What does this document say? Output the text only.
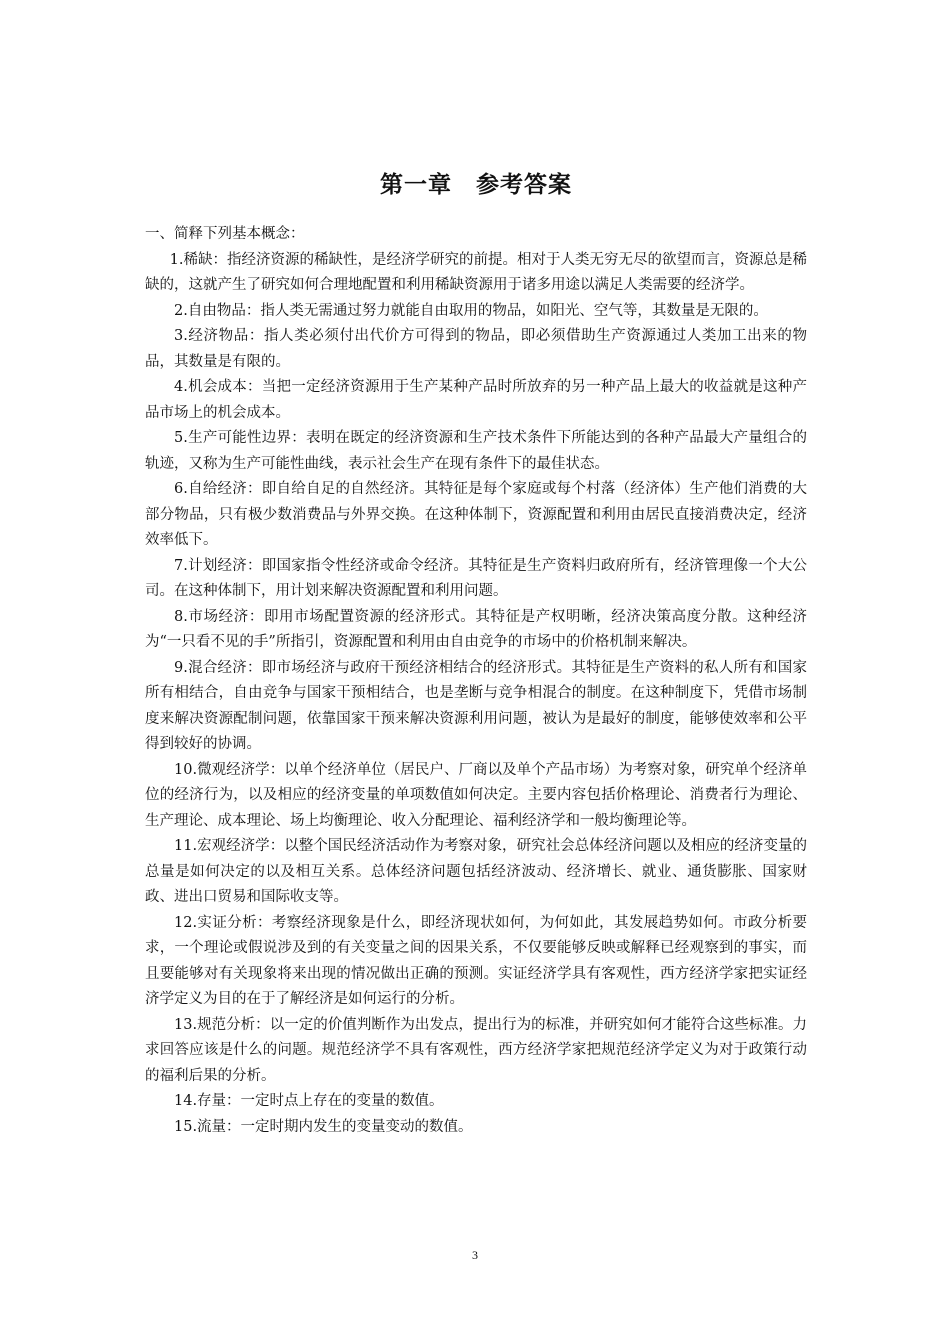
第一章 参考答案

一、简释下列基本概念：

1.稀缺：指经济资源的稀缺性，是经济学研究的前提。相对于人类无穷无尽的欲望而言，资源总是稀缺的，这就产生了研究如何合理地配置和利用稀缺资源用于诸多用途以满足人类需要的经济学。

2.自由物品：指人类无需通过努力就能自由取用的物品，如阳光、空气等，其数量是无限的。

3.经济物品：指人类必须付出代价方可得到的物品，即必须借助生产资源通过人类加工出来的物品，其数量是有限的。

4.机会成本：当把一定经济资源用于生产某种产品时所放弃的另一种产品上最大的收益就是这种产品市场上的机会成本。

5.生产可能性边界：表明在既定的经济资源和生产技术条件下所能达到的各种产品最大产量组合的轨迹，又称为生产可能性曲线，表示社会生产在现有条件下的最佳状态。

6.自给经济：即自给自足的自然经济。其特征是每个家庭或每个村落（经济体）生产他们消费的大部分物品，只有极少数消费品与外界交换。在这种体制下，资源配置和利用由居民直接消费决定，经济效率低下。

7.计划经济：即国家指令性经济或命令经济。其特征是生产资料归政府所有，经济管理像一个大公司。在这种体制下，用计划来解决资源配置和利用问题。

8.市场经济：即用市场配置资源的经济形式。其特征是产权明晰，经济决策高度分散。这种经济为“一只看不见的手”所指引，资源配置和利用由自由竞争的市场中的价格机制来解决。

9.混合经济：即市场经济与政府干预经济相结合的经济形式。其特征是生产资料的私人所有和国家所有相结合，自由竞争与国家干预相结合，也是垄断与竞争相混合的制度。在这种制度下，凭借市场制度来解决资源配制问题，依靠国家干预来解决资源利用问题，被认为是最好的制度，能够使效率和公平得到较好的协调。

10.微观经济学：以单个经济单位（居民户、厂商以及单个产品市场）为考察对象，研究单个经济单位的经济行为，以及相应的经济变量的单项数值如何决定。主要内容包括价格理论、消费者行为理论、生产理论、成本理论、场上均衡理论、收入分配理论、福利经济学和一般均衡理论等。

11.宏观经济学：以整个国民经济活动作为考察对象，研究社会总体经济问题以及相应的经济变量的总量是如何决定的以及相互关系。总体经济问题包括经济波动、经济增长、就业、通货膨胀、国家财政、进出口贸易和国际收支等。

12.实证分析：考察经济现象是什么，即经济现状如何，为何如此，其发展趋势如何。市政分析要求，一个理论或假说涉及到的有关变量之间的因果关系，不仅要能够反映或解释已经观察到的事实，而且要能够对有关现象将来出现的情况做出正确的预测。实证经济学具有客观性，西方经济学家把实证经济学定义为目的在于了解经济是如何运行的分析。

13.规范分析：以一定的价值判断作为出发点，提出行为的标准，并研究如何才能符合这些标准。力求回答应该是什么的问题。规范经济学不具有客观性，西方经济学家把规范经济学定义为对于政策行动的福利后果的分析。

14.存量：一定时点上存在的变量的数值。

15.流量：一定时期内发生的变量变动的数值。

3
